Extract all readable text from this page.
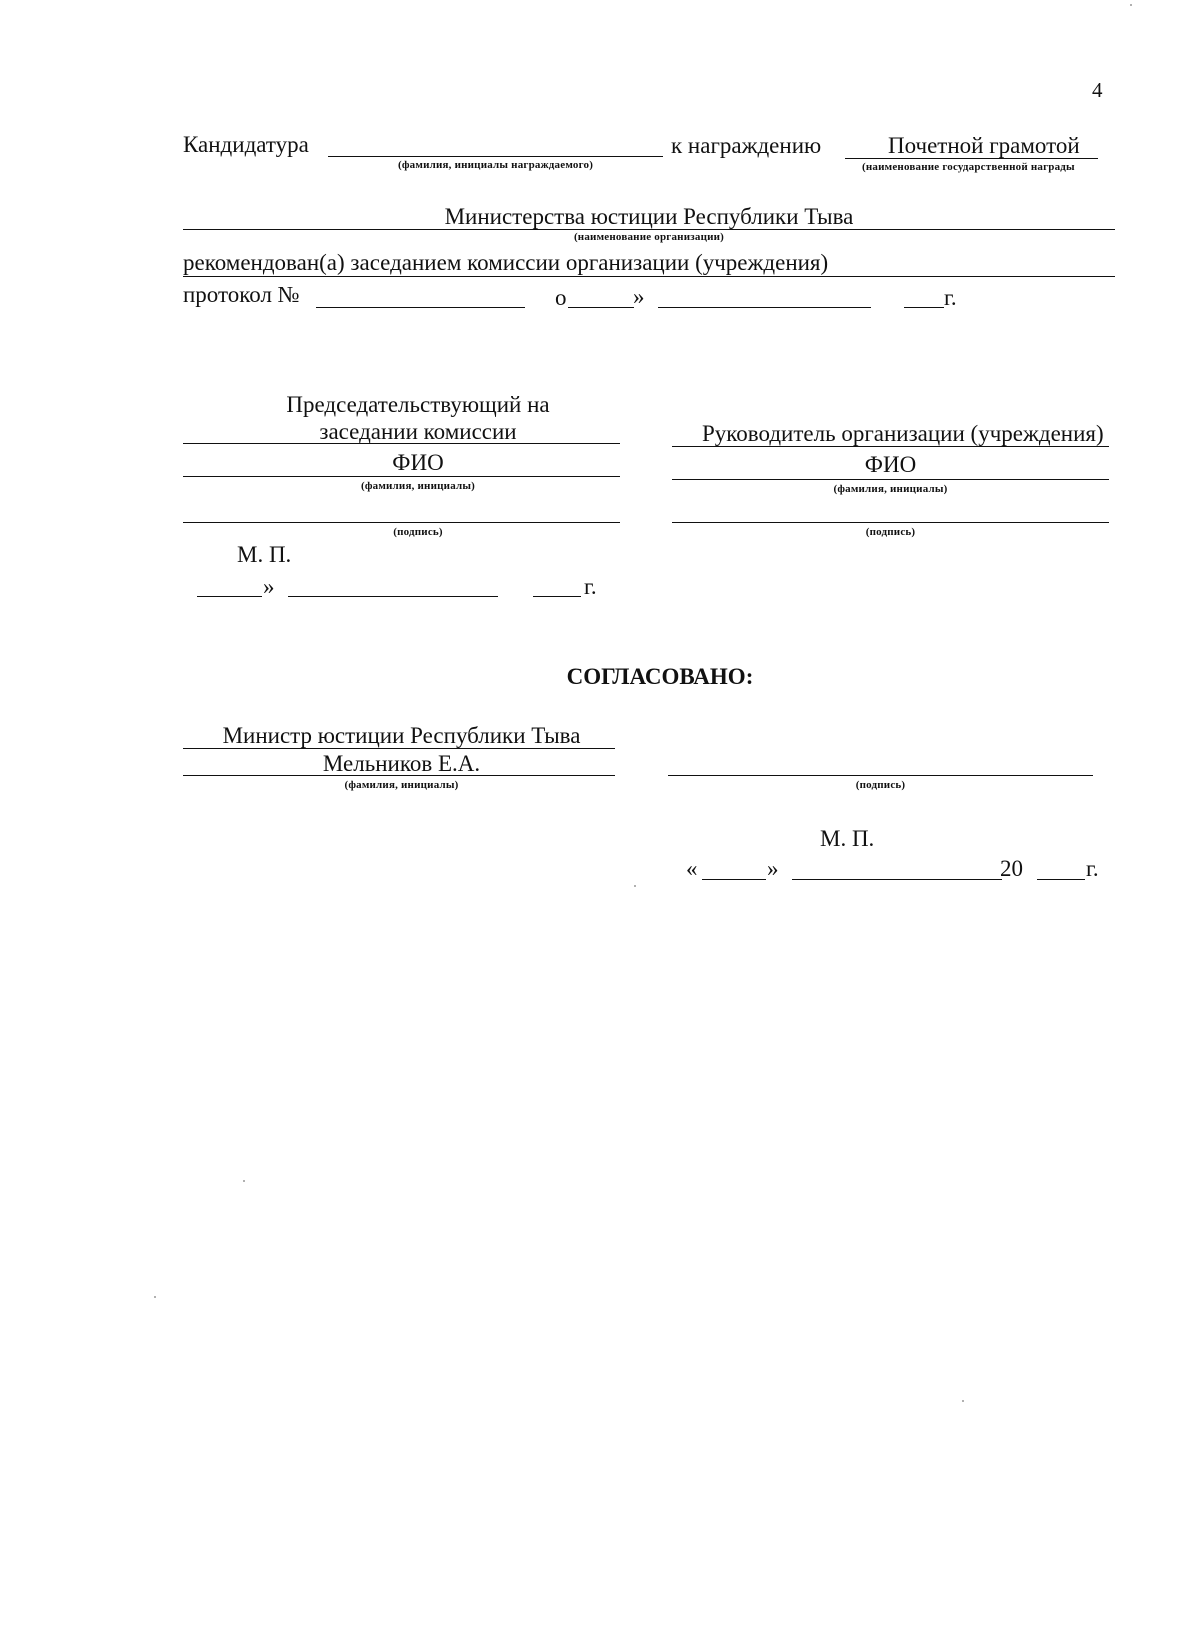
4
Кандидатура
(фамилия, инициалы награждаемого)
к награждению	Почетной грамотой
(наименование государственной награды
Министерства юстиции Республики Тыва
(наименование организации)
рекомендован(а) заседанием комиссии организации (учреждения)
протокол №	о	»	г.
Председательствующий на
заседании комиссии
ФИО
(фамилия, инициалы)
(подпись)
М. П.
»	г.
Руководитель организации (учреждения)
ФИО
(фамилия, инициалы)
(подпись)
СОГЛАСОВАНО:
Министр юстиции Республики Тыва
Мельников Е.А.
(фамилия, инициалы)	(подпись)
М. П.
«	»	20	г.
